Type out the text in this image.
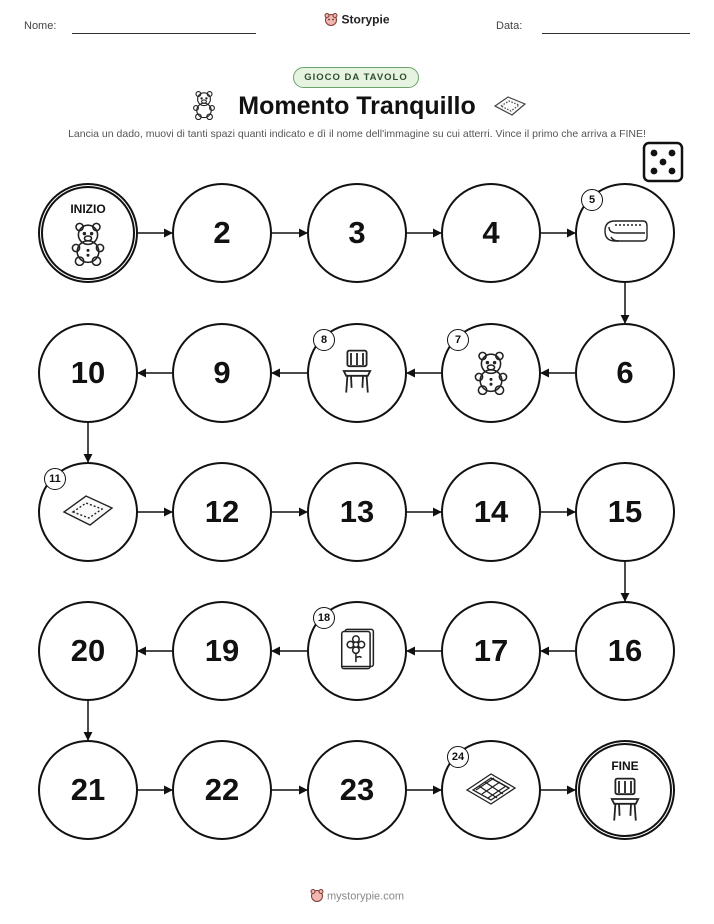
Nome:	Storypie	Data:
GIOCO DA TAVOLO
Momento Tranquillo
Lancia un dado, muovi di tanti spazi quanti indicato e dì il nome dell'immagine su cui atterri. Vince il primo che arriva a FINE!
INIZIO
2	3	4
5
6
7
8
9
10
11
12	13	14	15
16
17
18
19
20
21	22	23
24
FINE
mystorypie.com
